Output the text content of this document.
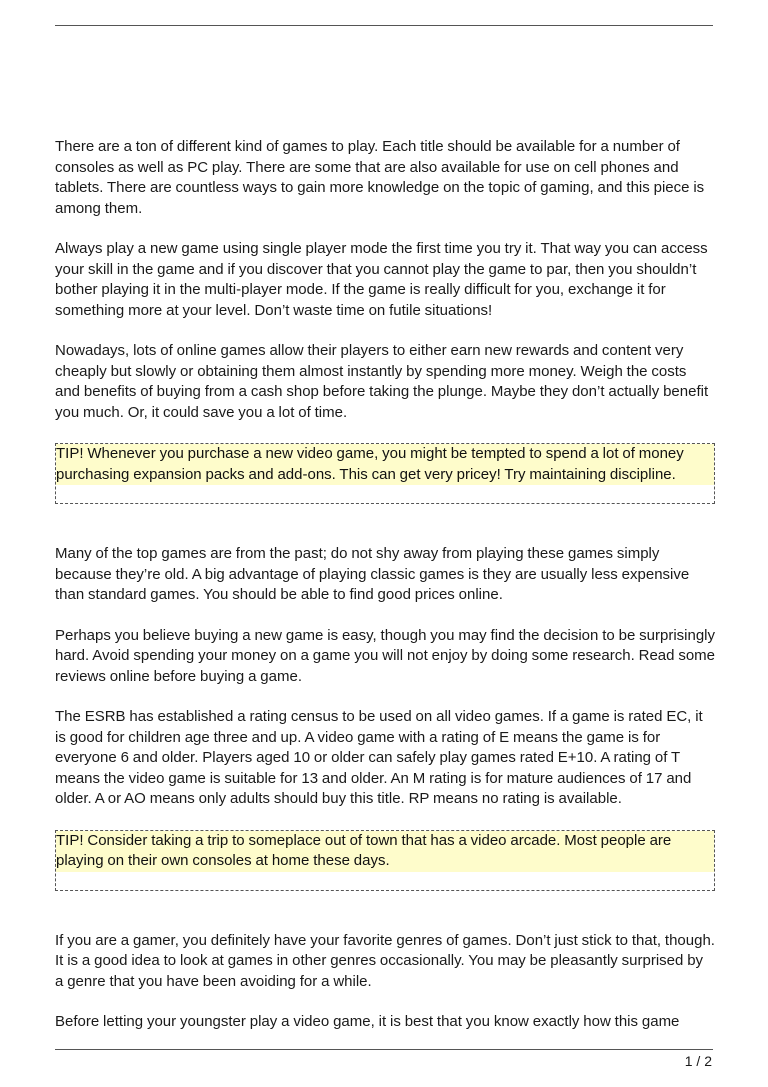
There are a ton of different kind of games to play. Each title should be available for a number of consoles as well as PC play. There are some that are also available for use on cell phones and tablets. There are countless ways to gain more knowledge on the topic of gaming, and this piece is among them.

Always play a new game using single player mode the first time you try it. That way you can access your skill in the game and if you discover that you cannot play the game to par, then you shouldn’t bother playing it in the multi-player mode. If the game is really difficult for you, exchange it for something more at your level. Don’t waste time on futile situations!

Nowadays, lots of online games allow their players to either earn new rewards and content very cheaply but slowly or obtaining them almost instantly by spending more money. Weigh the costs and benefits of buying from a cash shop before taking the plunge. Maybe they don’t actually benefit you much. Or, it could save you a lot of time.

TIP! Whenever you purchase a new video game, you might be tempted to spend a lot of money purchasing expansion packs and add-ons. This can get very pricey! Try maintaining discipline.

Many of the top games are from the past; do not shy away from playing these games simply because they’re old. A big advantage of playing classic games is they are usually less expensive than standard games. You should be able to find good prices online.

Perhaps you believe buying a new game is easy, though you may find the decision to be surprisingly hard. Avoid spending your money on a game you will not enjoy by doing some research. Read some reviews online before buying a game.

The ESRB has established a rating census to be used on all video games. If a game is rated EC, it is good for children age three and up. A video game with a rating of E means the game is for everyone 6 and older. Players aged 10 or older can safely play games rated E+10. A rating of T means the video game is suitable for 13 and older. An M rating is for mature audiences of 17 and older. A or AO means only adults should buy this title. RP means no rating is available.

TIP! Consider taking a trip to someplace out of town that has a video arcade. Most people are playing on their own consoles at home these days.

If you are a gamer, you definitely have your favorite genres of games. Don’t just stick to that, though. It is a good idea to look at games in other genres occasionally. You may be pleasantly surprised by a genre that you have been avoiding for a while.

Before letting your youngster play a video game, it is best that you know exactly how this game

1 / 2
